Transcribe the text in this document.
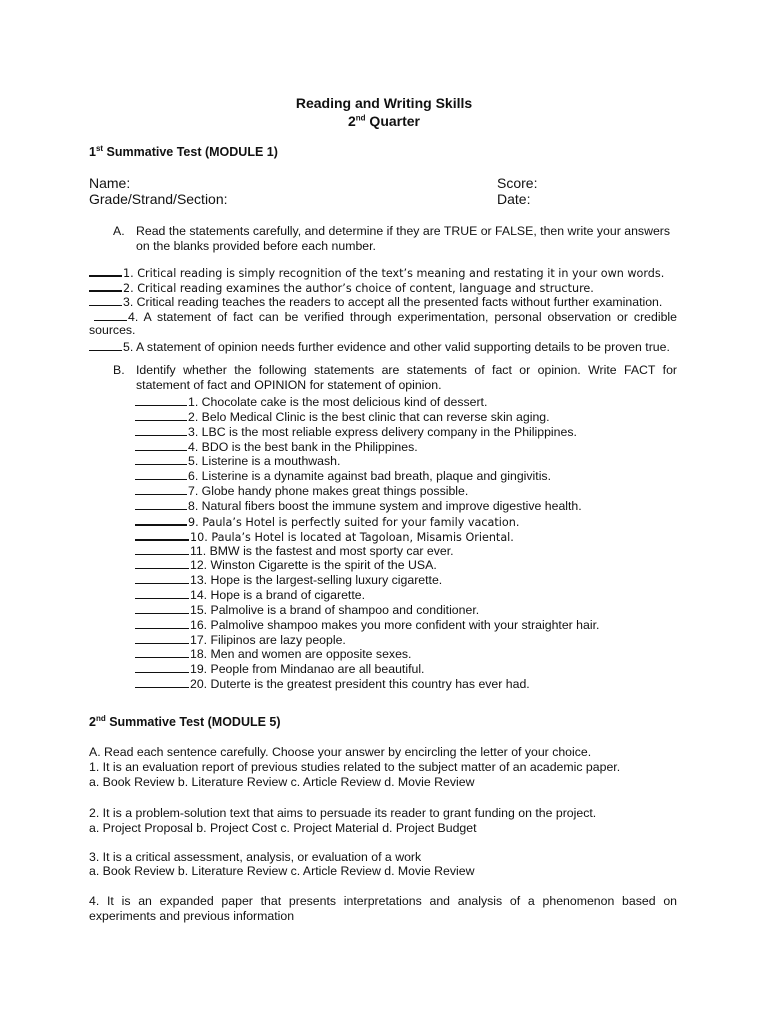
Reading and Writing Skills
2nd Quarter
1st Summative Test (MODULE 1)
Name:	Score:
Grade/Strand/Section:	Date:
A. Read the statements carefully, and determine if they are TRUE or FALSE, then write your answers
on the blanks provided before each number.
1. Critical reading is simply recognition of the text’s meaning and restating it in your own words.
2. Critical reading examines the author’s choice of content, language and structure.
3. Critical reading teaches the readers to accept all the presented facts without further examination.
4. A statement of fact can be verified through experimentation, personal observation or credible
sources.
5. A statement of opinion needs further evidence and other valid supporting details to be proven true.
B. Identify whether the following statements are statements of fact or opinion. Write FACT for
statement of fact and OPINION for statement of opinion.
1. Chocolate cake is the most delicious kind of dessert.
2. Belo Medical Clinic is the best clinic that can reverse skin aging.
3. LBC is the most reliable express delivery company in the Philippines.
4. BDO is the best bank in the Philippines.
5. Listerine is a mouthwash.
6. Listerine is a dynamite against bad breath, plaque and gingivitis.
7. Globe handy phone makes great things possible.
8. Natural fibers boost the immune system and improve digestive health.
9. Paula’s Hotel is perfectly suited for your family vacation.
10. Paula’s Hotel is located at Tagoloan, Misamis Oriental.
11. BMW is the fastest and most sporty car ever.
12. Winston Cigarette is the spirit of the USA.
13. Hope is the largest-selling luxury cigarette.
14. Hope is a brand of cigarette.
15. Palmolive is a brand of shampoo and conditioner.
16. Palmolive shampoo makes you more confident with your straighter hair.
17. Filipinos are lazy people.
18. Men and women are opposite sexes.
19. People from Mindanao are all beautiful.
20. Duterte is the greatest president this country has ever had.
2nd Summative Test (MODULE 5)
A. Read each sentence carefully. Choose your answer by encircling the letter of your choice.
1. It is an evaluation report of previous studies related to the subject matter of an academic paper.
a. Book Review b. Literature Review c. Article Review d. Movie Review
2. It is a problem-solution text that aims to persuade its reader to grant funding on the project.
a. Project Proposal b. Project Cost c. Project Material d. Project Budget
3. It is a critical assessment, analysis, or evaluation of a work
a. Book Review b. Literature Review c. Article Review d. Movie Review
4. It is an expanded paper that presents interpretations and analysis of a phenomenon based on
experiments and previous information
